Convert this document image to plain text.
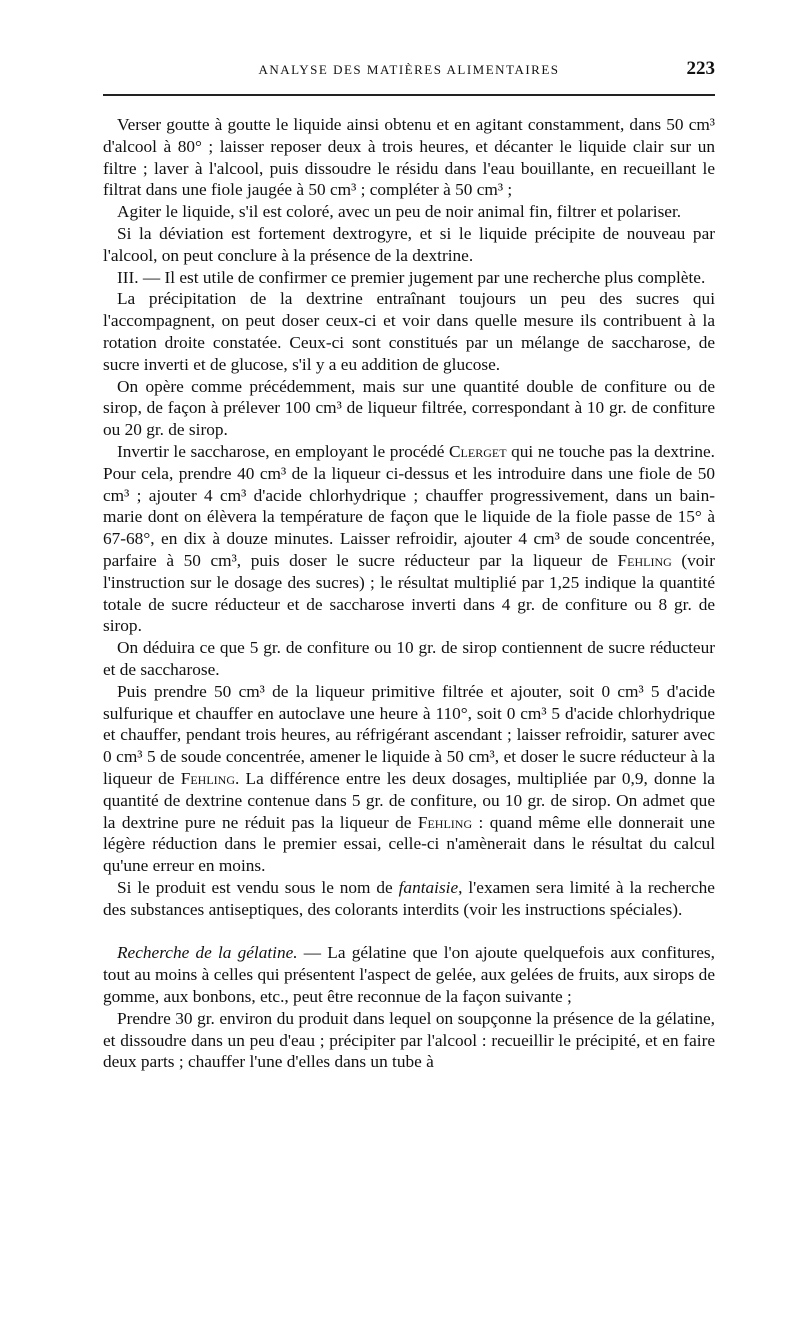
ANALYSE DES MATIÈRES ALIMENTAIRES	223

Verser goutte à goutte le liquide ainsi obtenu et en agitant constamment, dans 50 cm³ d'alcool à 80° ; laisser reposer deux à trois heures, et décanter le liquide clair sur un filtre ; laver à l'alcool, puis dissoudre le résidu dans l'eau bouillante, en recueillant le filtrat dans une fiole jaugée à 50 cm³ ; compléter à 50 cm³ ;

Agiter le liquide, s'il est coloré, avec un peu de noir animal fin, filtrer et polariser.

Si la déviation est fortement dextrogyre, et si le liquide précipite de nouveau par l'alcool, on peut conclure à la présence de la dextrine.

III. — Il est utile de confirmer ce premier jugement par une recherche plus complète.

La précipitation de la dextrine entraînant toujours un peu des sucres qui l'accompagnent, on peut doser ceux-ci et voir dans quelle mesure ils contribuent à la rotation droite constatée. Ceux-ci sont constitués par un mélange de saccharose, de sucre inverti et de glucose, s'il y a eu addition de glucose.

On opère comme précédemment, mais sur une quantité double de confiture ou de sirop, de façon à prélever 100 cm³ de liqueur filtrée, correspondant à 10 gr. de confiture ou 20 gr. de sirop.

Invertir le saccharose, en employant le procédé Clerget qui ne touche pas la dextrine. Pour cela, prendre 40 cm³ de la liqueur ci-dessus et les introduire dans une fiole de 50 cm³ ; ajouter 4 cm³ d'acide chlorhydrique ; chauffer progressivement, dans un bain-marie dont on élèvera la température de façon que le liquide de la fiole passe de 15° à 67-68°, en dix à douze minutes. Laisser refroidir, ajouter 4 cm³ de soude concentrée, parfaire à 50 cm³, puis doser le sucre réducteur par la liqueur de Fehling (voir l'instruction sur le dosage des sucres) ; le résultat multiplié par 1,25 indique la quantité totale de sucre réducteur et de saccharose inverti dans 4 gr. de confiture ou 8 gr. de sirop.

On déduira ce que 5 gr. de confiture ou 10 gr. de sirop contiennent de sucre réducteur et de saccharose.

Puis prendre 50 cm³ de la liqueur primitive filtrée et ajouter, soit 0 cm³ 5 d'acide sulfurique et chauffer en autoclave une heure à 110°, soit 0 cm³ 5 d'acide chlorhydrique et chauffer, pendant trois heures, au réfrigérant ascendant ; laisser refroidir, saturer avec 0 cm³ 5 de soude concentrée, amener le liquide à 50 cm³, et doser le sucre réducteur à la liqueur de Fehling. La différence entre les deux dosages, multipliée par 0,9, donne la quantité de dextrine contenue dans 5 gr. de confiture, ou 10 gr. de sirop. On admet que la dextrine pure ne réduit pas la liqueur de Fehling : quand même elle donnerait une légère réduction dans le premier essai, celle-ci n'amènerait dans le résultat du calcul qu'une erreur en moins.

Si le produit est vendu sous le nom de fantaisie, l'examen sera limité à la recherche des substances antiseptiques, des colorants interdits (voir les instructions spéciales).

Recherche de la gélatine. — La gélatine que l'on ajoute quelquefois aux confitures, tout au moins à celles qui présentent l'aspect de gelée, aux gelées de fruits, aux sirops de gomme, aux bonbons, etc., peut être reconnue de la façon suivante ;

Prendre 30 gr. environ du produit dans lequel on soupçonne la présence de la gélatine, et dissoudre dans un peu d'eau ; précipiter par l'alcool : recueillir le précipité, et en faire deux parts ; chauffer l'une d'elles dans un tube à
